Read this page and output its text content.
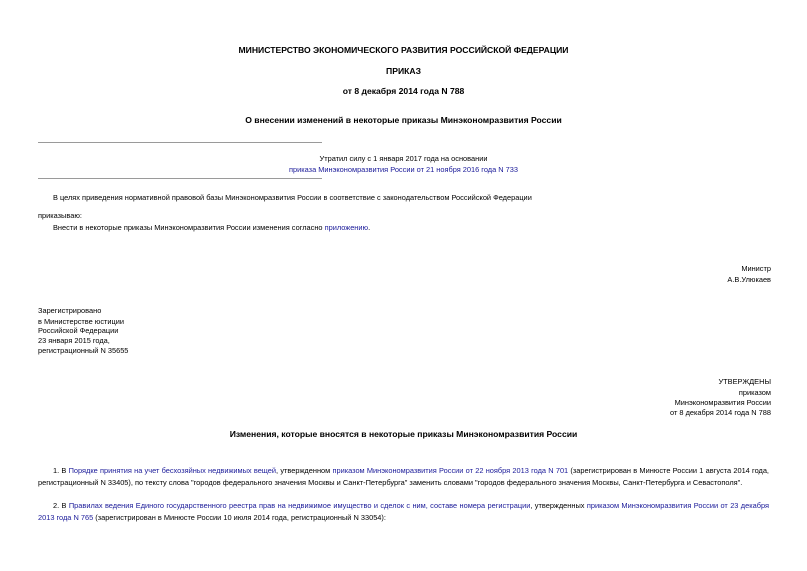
МИНИСТЕРСТВО ЭКОНОМИЧЕСКОГО РАЗВИТИЯ РОССИЙСКОЙ ФЕДЕРАЦИИ
ПРИКАЗ
от 8 декабря 2014 года N 788
О внесении изменений в некоторые приказы Минэкономразвития России
Утратил силу с 1 января 2017 года на основании
приказа Минэкономразвития России от 21 ноября 2016 года N 733
В целях приведения нормативной правовой базы Минэкономразвития России в соответствие с законодательством Российской Федерации
приказываю:
Внести в некоторые приказы Минэкономразвития России изменения согласно приложению.
Министр
А.В.Улюкаев
Зарегистрировано
в Министерстве юстиции
Российской Федерации
23 января 2015 года,
регистрационный N 35655
УТВЕРЖДЕНЫ
приказом
Минэкономразвития России
от 8 декабря 2014 года N 788
Изменения, которые вносятся в некоторые приказы Минэкономразвития России
1. В Порядке принятия на учет бесхозяйных недвижимых вещей, утвержденном приказом Минэкономразвития России от 22 ноября 2013 года N 701 (зарегистрирован в Минюсте России 1 августа 2014 года, регистрационный N 33405), по тексту слова "городов федерального значения Москвы и Санкт-Петербурга" заменить словами "городов федерального значения Москвы, Санкт-Петербурга и Севастополя".
2. В Правилах ведения Единого государственного реестра прав на недвижимое имущество и сделок с ним, составе номера регистрации, утвержденных приказом Минэкономразвития России от 23 декабря 2013 года N 765 (зарегистрирован в Минюсте России 10 июля 2014 года, регистрационный N 33054):
